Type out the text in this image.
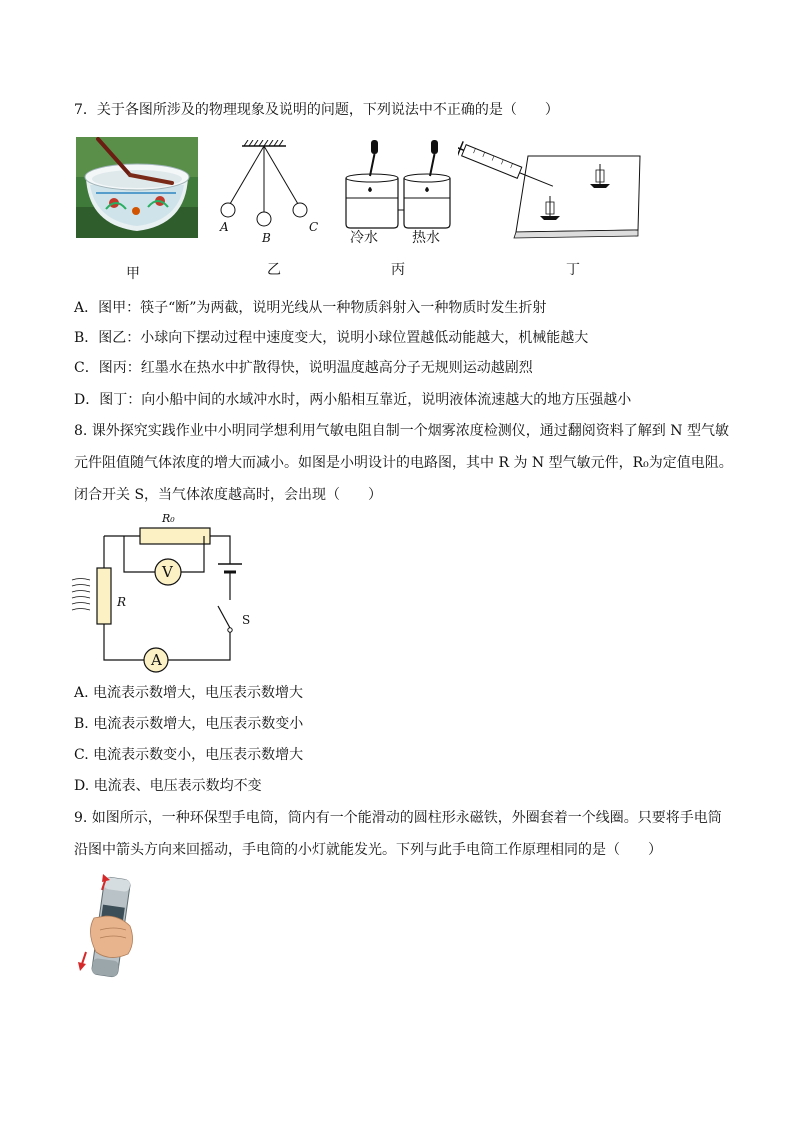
7．关于各图所涉及的物理现象及说明的问题，下列说法中不正确的是（　　）
甲
A
B
C
乙
冷水 热水
丙	丁
A．图甲：筷子“断”为两截，说明光线从一种物质斜射入一种物质时发生折射
B．图乙：小球向下摆动过程中速度变大，说明小球位置越低动能越大，机械能越大
C．图丙：红墨水在热水中扩散得快，说明温度越高分子无规则运动越剧烈
D．图丁：向小船中间的水域冲水时，两小船相互靠近，说明液体流速越大的地方压强越小
8. 课外探究实践作业中小明同学想利用气敏电阻自制一个烟雾浓度检测仪，通过翻阅资料了解到 N 型气敏
元件阻值随气体浓度的增大而减小。如图是小明设计的电路图，其中 R 为 N 型气敏元件，R₀为定值电阻。
闭合开关 S，当气体浓度越高时，会出现（　　）
R₀
V
R
S
A
A. 电流表示数增大，电压表示数增大
B. 电流表示数增大，电压表示数变小
C. 电流表示数变小，电压表示数增大
D. 电流表、电压表示数均不变
9. 如图所示，一种环保型手电筒，筒内有一个能滑动的圆柱形永磁铁，外圈套着一个线圈。只要将手电筒
沿图中箭头方向来回摇动，手电筒的小灯就能发光。下列与此手电筒工作原理相同的是（　　）
